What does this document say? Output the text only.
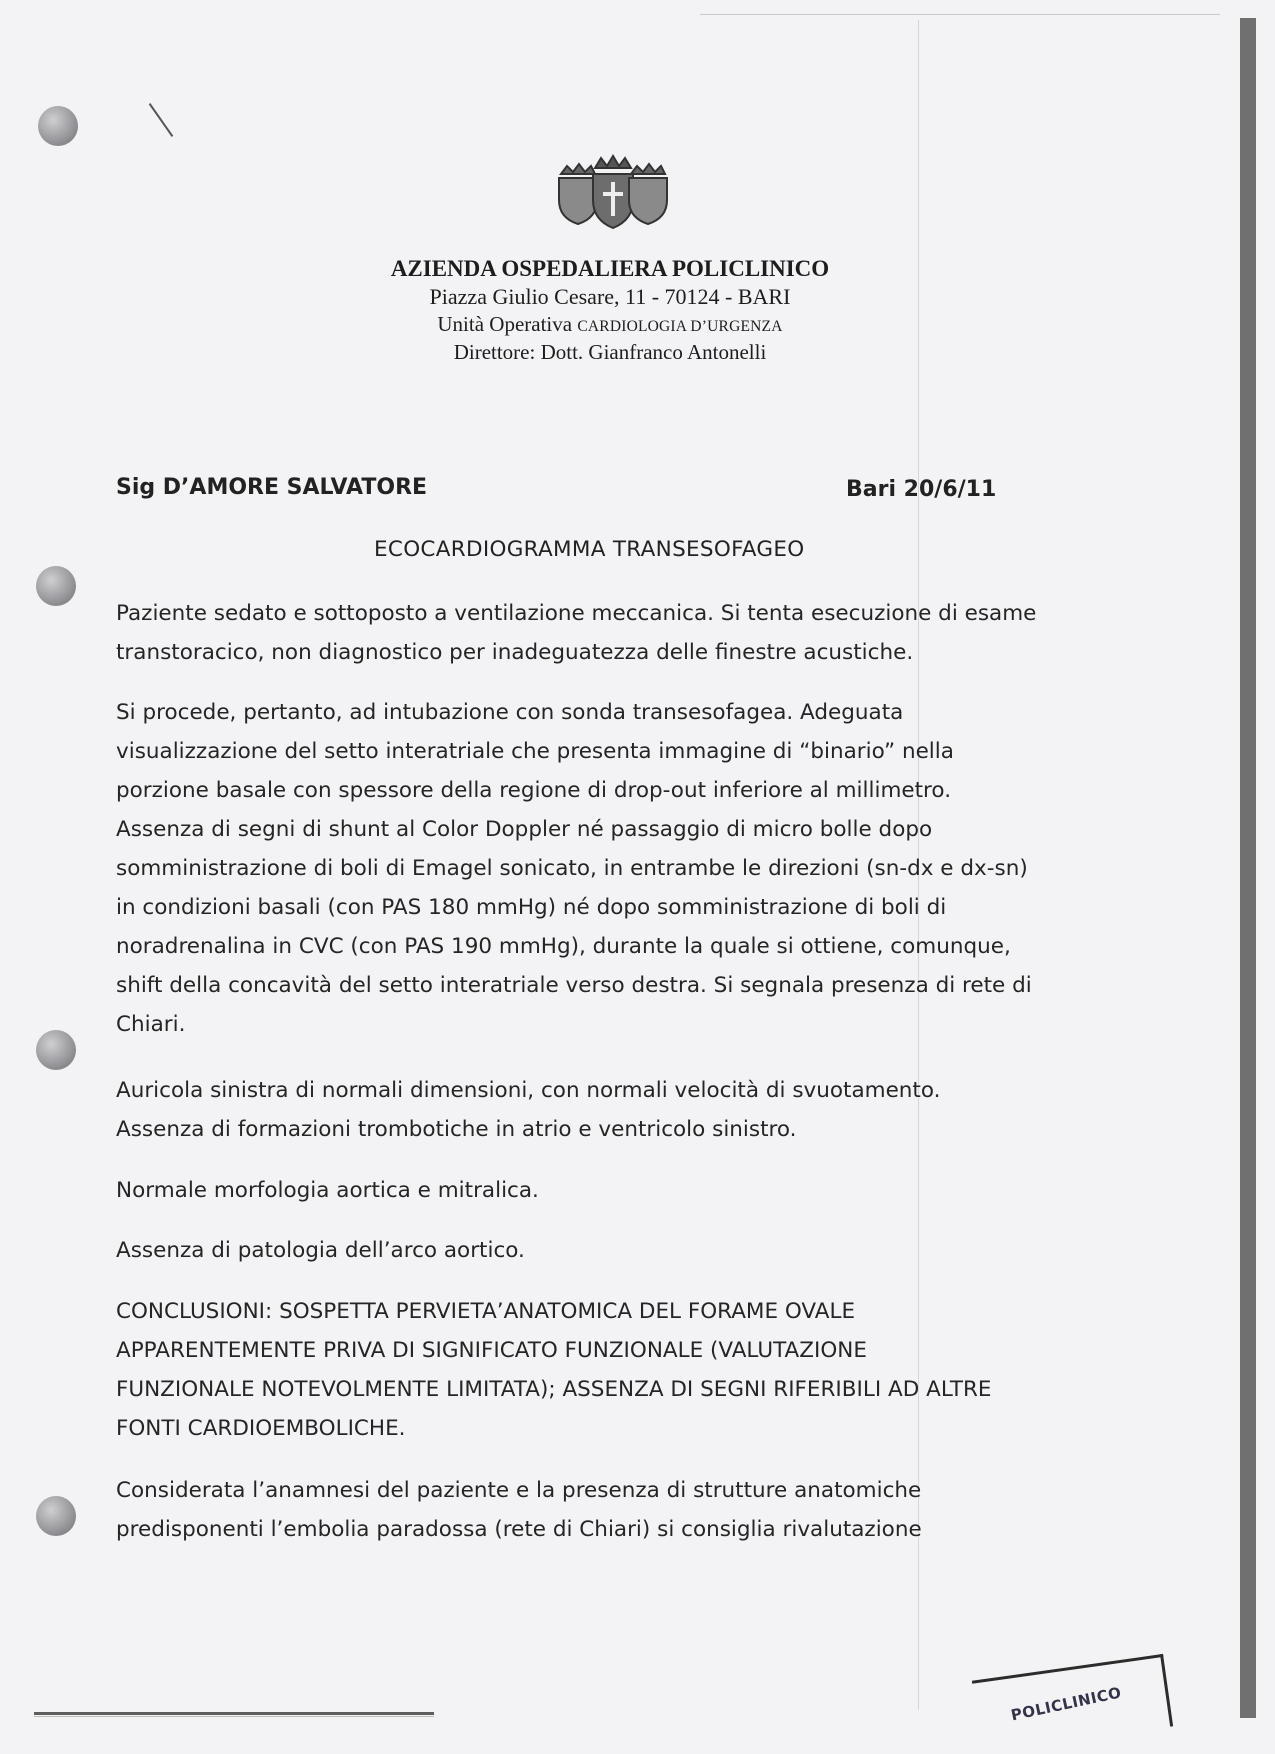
AZIENDA OSPEDALIERA POLICLINICO
Piazza Giulio Cesare, 11 - 70124 - BARI
Unità Operativa CARDIOLOGIA D’URGENZA
Direttore: Dott. Gianfranco Antonelli
Sig D’AMORE SALVATORE	Bari 20/6/11
ECOCARDIOGRAMMA TRANSESOFAGEO
Paziente sedato e sottoposto a ventilazione meccanica. Si tenta esecuzione di esame
transtoracico, non diagnostico per inadeguatezza delle finestre acustiche.
Si procede, pertanto, ad intubazione con sonda transesofagea. Adeguata
visualizzazione del setto interatriale che presenta immagine di “binario” nella
porzione basale con spessore della regione di drop-out inferiore al millimetro.
Assenza di segni di shunt al Color Doppler né passaggio di micro bolle dopo
somministrazione di boli di Emagel sonicato, in entrambe le direzioni (sn-dx e dx-sn)
in condizioni basali (con PAS 180 mmHg) né dopo somministrazione di boli di
noradrenalina in CVC (con PAS 190 mmHg), durante la quale si ottiene, comunque,
shift della concavità del setto interatriale verso destra. Si segnala presenza di rete di
Chiari.
Auricola sinistra di normali dimensioni, con normali velocità di svuotamento.
Assenza di formazioni trombotiche in atrio e ventricolo sinistro.
Normale morfologia aortica e mitralica.
Assenza di patologia dell’arco aortico.
CONCLUSIONI: SOSPETTA PERVIETA’ANATOMICA DEL FORAME OVALE
APPARENTEMENTE PRIVA DI SIGNIFICATO FUNZIONALE (VALUTAZIONE
FUNZIONALE NOTEVOLMENTE LIMITATA); ASSENZA DI SEGNI RIFERIBILI AD ALTRE
FONTI CARDIOEMBOLICHE.
Considerata l’anamnesi del paziente e la presenza di strutture anatomiche
predisponenti l’embolia paradossa (rete di Chiari) si consiglia rivalutazione
POLICLINICO
